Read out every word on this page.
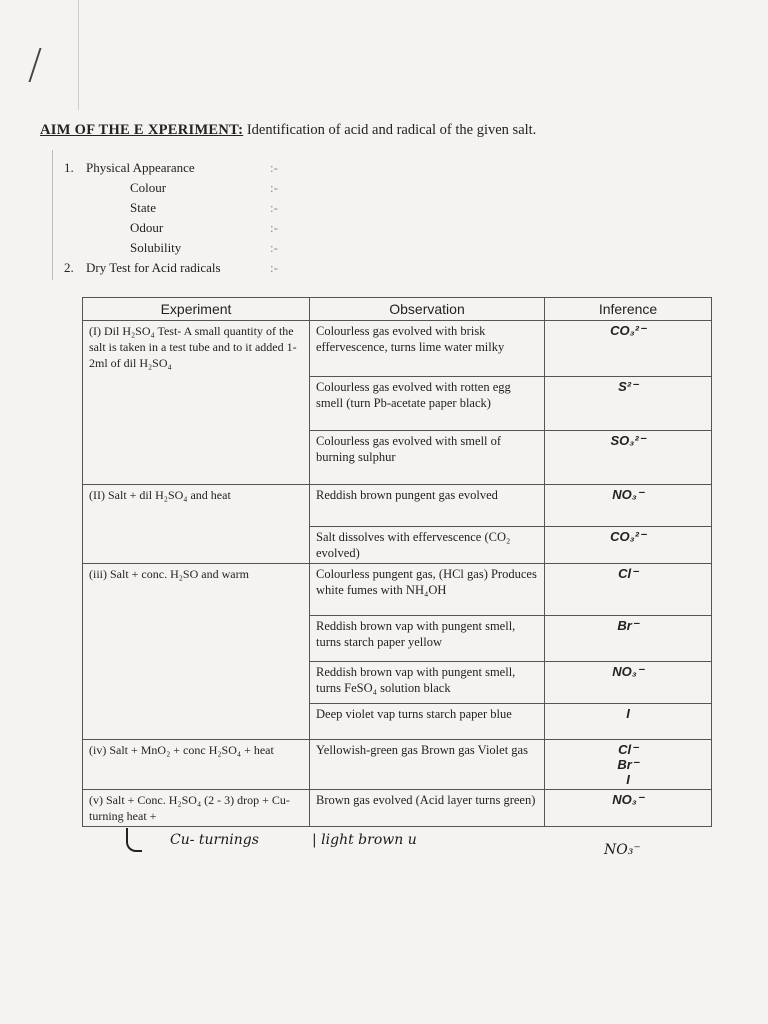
AIM OF THE E XPERIMENT: Identification of acid and radical of the given salt.
1. Physical Appearance	:-
Colour	:-
State	:-
Odour	:-
Solubility	:-
2. Dry Test for Acid radicals	:-
Experiment	Observation	Inference
(I) Dil H₂SO₄ Test- A small quantity of the salt is taken in a test tube and to it added 1-2ml of dil H₂SO₄	Colourless gas evolved with brisk effervescence, turns lime water milky	CO₃²⁻
	Colourless gas evolved with rotten egg smell (turn Pb-acetate paper black)	S²⁻
	Colourless gas evolved with smell of burning sulphur	SO₃²⁻
(II) Salt + dil H₂SO₄ and heat	Reddish brown pungent gas evolved	NO₃⁻
	Salt dissolves with effervescence (CO₂ evolved)	CO₃²⁻
(iii) Salt + conc. H₂SO and warm	Colourless pungent gas, (HCl gas) Produces white fumes with NH₄OH	Cl⁻
	Reddish brown vap with pungent smell, turns starch paper yellow	Br⁻
	Reddish brown vap with pungent smell, turns FeSO₄ solution black	NO₃⁻
	Deep violet vap turns starch paper blue	I
(iv) Salt + MnO₂ + conc H₂SO₄ + heat	Yellowish-green gas Brown gas Violet gas	Cl⁻
Br⁻
I

(v) Salt + Conc. H₂SO₄ (2 - 3) drop + Cu-turning heat +	Brown gas evolved (Acid layer turns green)	NO₃⁻
Cu- turnings	| light brown u
NO₃⁻
